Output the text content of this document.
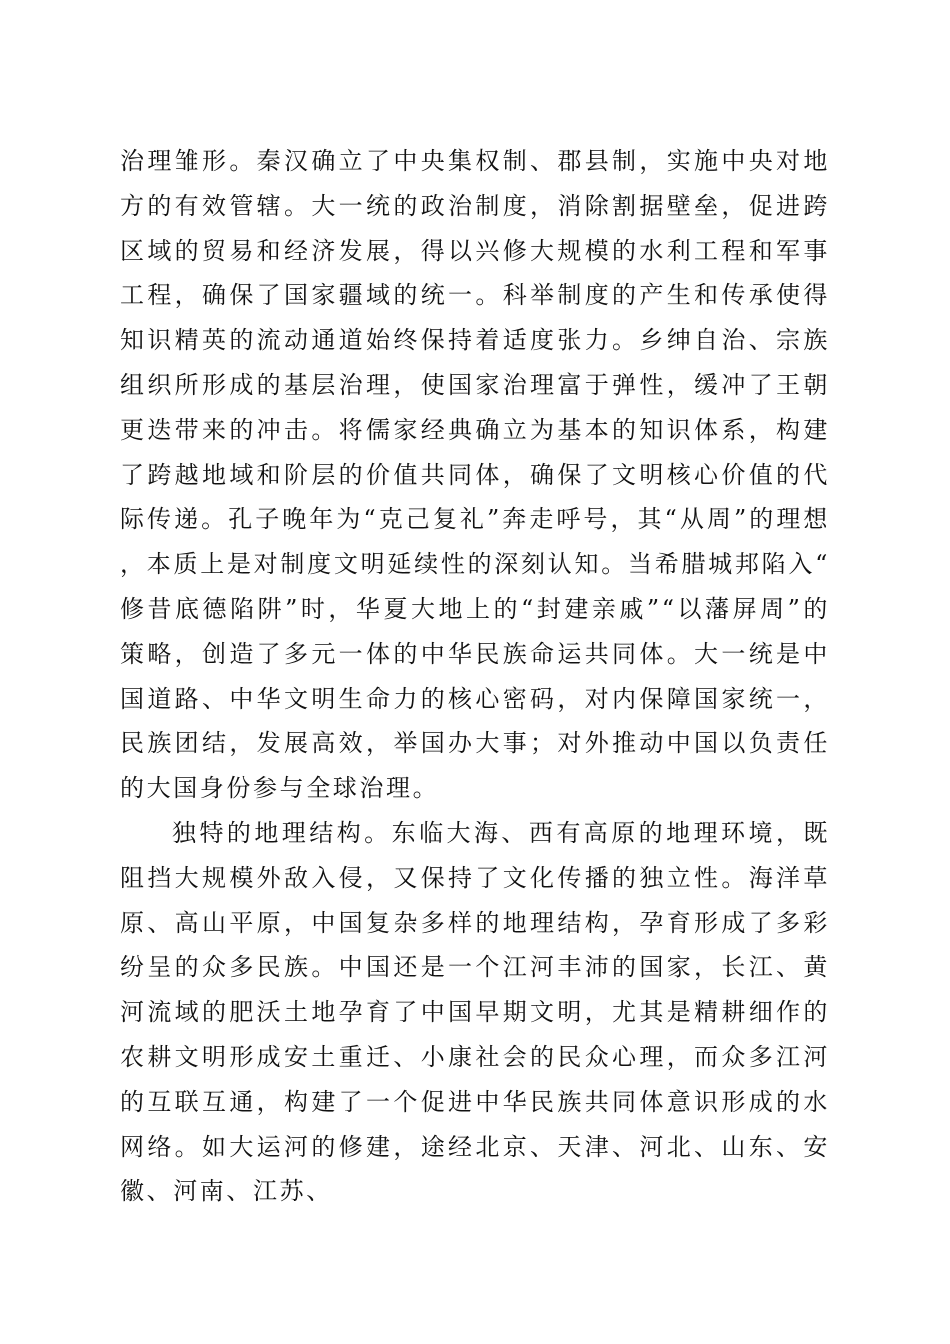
治理雏形。秦汉确立了中央集权制、郡县制，实施中央对地方的有效管辖。大一统的政治制度，消除割据壁垒，促进跨区域的贸易和经济发展，得以兴修大规模的水利工程和军事工程，确保了国家疆域的统一。科举制度的产生和传承使得知识精英的流动通道始终保持着适度张力。乡绅自治、宗族组织所形成的基层治理，使国家治理富于弹性，缓冲了王朝更迭带来的冲击。将儒家经典确立为基本的知识体系，构建了跨越地域和阶层的价值共同体，确保了文明核心价值的代际传递。孔子晚年为“克己复礼”奔走呼号，其“从周”的理想，本质上是对制度文明延续性的深刻认知。当希腊城邦陷入“修昔底德陷阱”时，华夏大地上的“封建亲戚”“以藩屏周”的策略，创造了多元一体的中华民族命运共同体。大一统是中国道路、中华文明生命力的核心密码，对内保障国家统一，民族团结，发展高效，举国办大事；对外推动中国以负责任的大国身份参与全球治理。

独特的地理结构。东临大海、西有高原的地理环境，既阻挡大规模外敌入侵，又保持了文化传播的独立性。海洋草原、高山平原，中国复杂多样的地理结构，孕育形成了多彩纷呈的众多民族。中国还是一个江河丰沛的国家，长江、黄河流域的肥沃土地孕育了中国早期文明，尤其是精耕细作的农耕文明形成安土重迁、小康社会的民众心理，而众多江河的互联互通，构建了一个促进中华民族共同体意识形成的水网络。如大运河的修建，途经北京、天津、河北、山东、安徽、河南、江苏、
